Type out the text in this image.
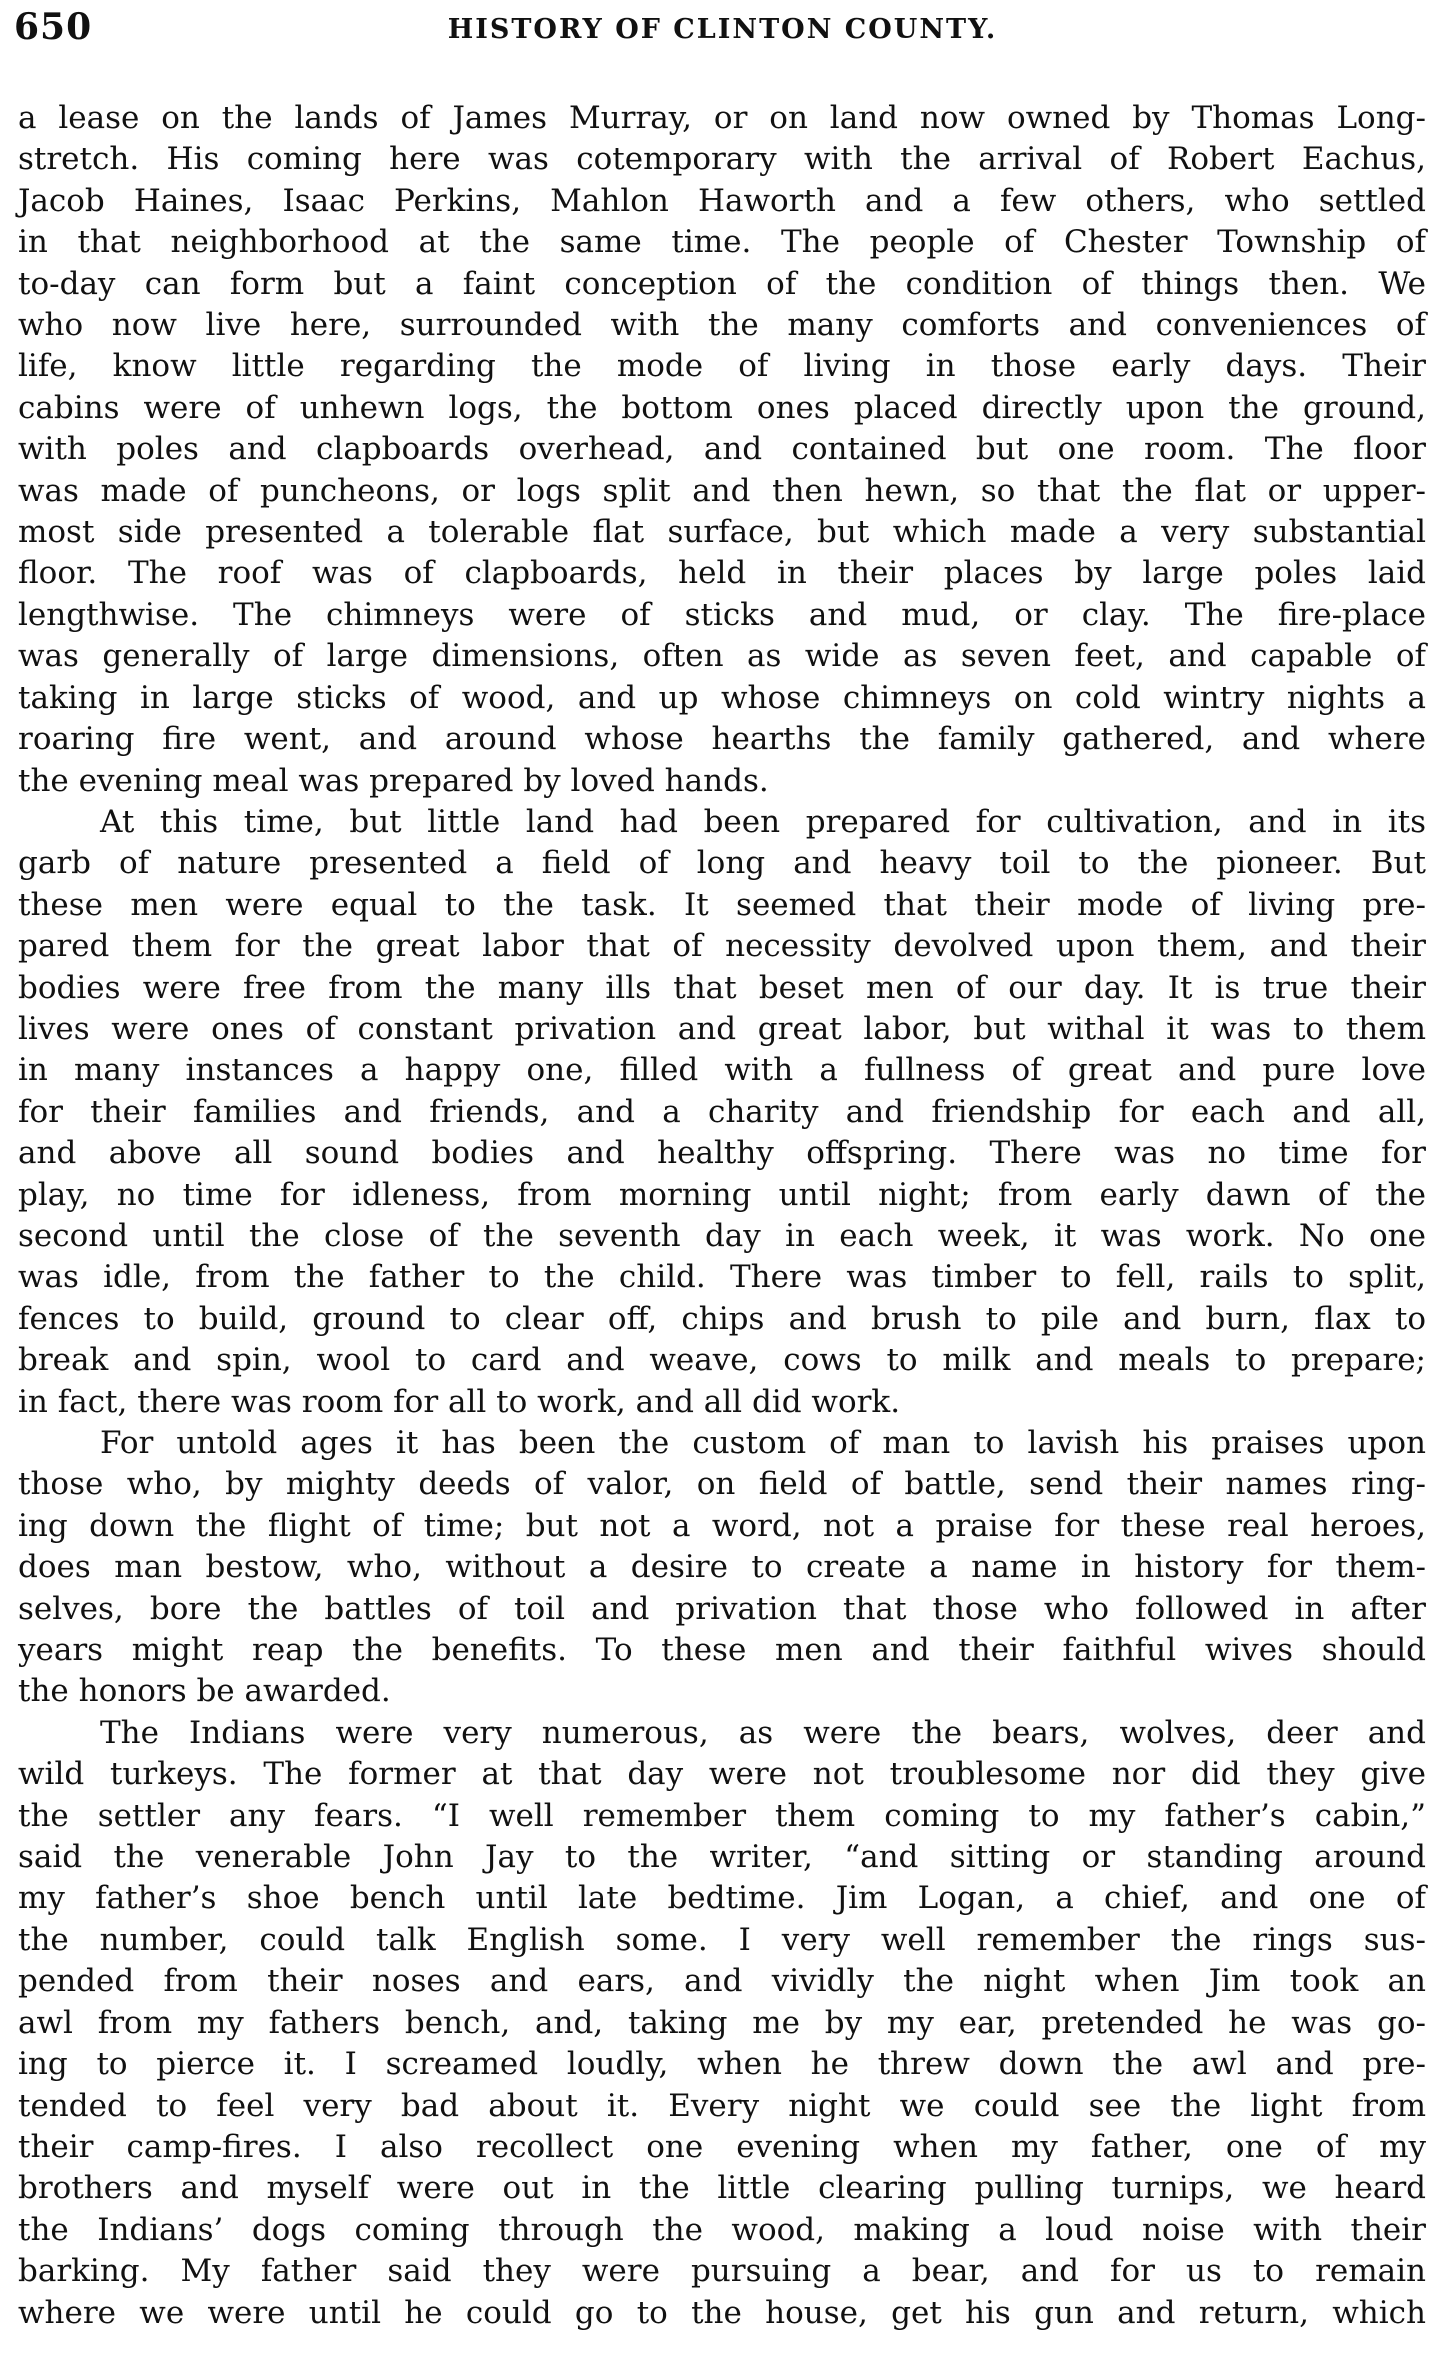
650	HISTORY OF CLINTON COUNTY.
a lease on the lands of James Murray, or on land now owned by Thomas Long-
stretch. His coming here was cotemporary with the arrival of Robert Eachus,
Jacob Haines, Isaac Perkins, Mahlon Haworth and a few others, who settled
in that neighborhood at the same time. The people of Chester Township of
to-day can form but a faint conception of the condition of things then. We
who now live here, surrounded with the many comforts and conveniences of
life, know little regarding the mode of living in those early days. Their
cabins were of unhewn logs, the bottom ones placed directly upon the ground,
with poles and clapboards overhead, and contained but one room. The floor
was made of puncheons, or logs split and then hewn, so that the flat or upper-
most side presented a tolerable flat surface, but which made a very substantial
floor. The roof was of clapboards, held in their places by large poles laid
lengthwise. The chimneys were of sticks and mud, or clay. The fire-place
was generally of large dimensions, often as wide as seven feet, and capable of
taking in large sticks of wood, and up whose chimneys on cold wintry nights a
roaring fire went, and around whose hearths the family gathered, and where
the evening meal was prepared by loved hands.
At this time, but little land had been prepared for cultivation, and in its
garb of nature presented a field of long and heavy toil to the pioneer. But
these men were equal to the task. It seemed that their mode of living pre-
pared them for the great labor that of necessity devolved upon them, and their
bodies were free from the many ills that beset men of our day. It is true their
lives were ones of constant privation and great labor, but withal it was to them
in many instances a happy one, filled with a fullness of great and pure love
for their families and friends, and a charity and friendship for each and all,
and above all sound bodies and healthy offspring. There was no time for
play, no time for idleness, from morning until night; from early dawn of the
second until the close of the seventh day in each week, it was work. No one
was idle, from the father to the child. There was timber to fell, rails to split,
fences to build, ground to clear off, chips and brush to pile and burn, flax to
break and spin, wool to card and weave, cows to milk and meals to prepare;
in fact, there was room for all to work, and all did work.
For untold ages it has been the custom of man to lavish his praises upon
those who, by mighty deeds of valor, on field of battle, send their names ring-
ing down the flight of time; but not a word, not a praise for these real heroes,
does man bestow, who, without a desire to create a name in history for them-
selves, bore the battles of toil and privation that those who followed in after
years might reap the benefits. To these men and their faithful wives should
the honors be awarded.
The Indians were very numerous, as were the bears, wolves, deer and
wild turkeys. The former at that day were not troublesome nor did they give
the settler any fears. “I well remember them coming to my father’s cabin,”
said the venerable John Jay to the writer, “and sitting or standing around
my father’s shoe bench until late bedtime. Jim Logan, a chief, and one of
the number, could talk English some. I very well remember the rings sus-
pended from their noses and ears, and vividly the night when Jim took an
awl from my fathers bench, and, taking me by my ear, pretended he was go-
ing to pierce it. I screamed loudly, when he threw down the awl and pre-
tended to feel very bad about it. Every night we could see the light from
their camp-fires. I also recollect one evening when my father, one of my
brothers and myself were out in the little clearing pulling turnips, we heard
the Indians’ dogs coming through the wood, making a loud noise with their
barking. My father said they were pursuing a bear, and for us to remain
where we were until he could go to the house, get his gun and return, which
